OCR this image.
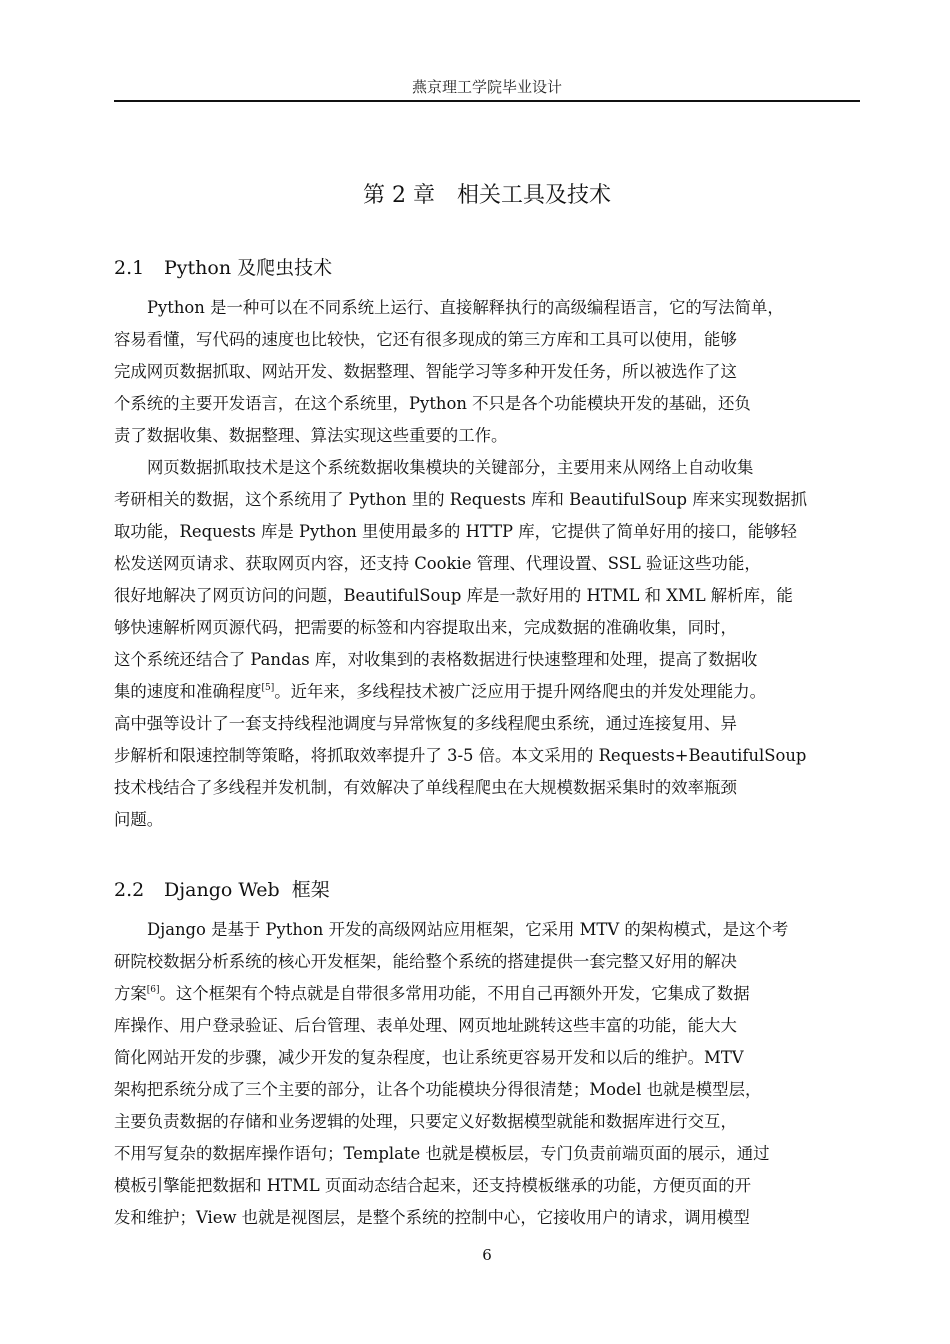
燕京理工学院毕业设计
第 2 章 相关工具及技术
2.1 Python 及爬虫技术
Python 是一种可以在不同系统上运行、直接解释执行的高级编程语言，它的写法简单，
容易看懂，写代码的速度也比较快，它还有很多现成的第三方库和工具可以使用，能够
完成网页数据抓取、网站开发、数据整理、智能学习等多种开发任务，所以被选作了这
个系统的主要开发语言，在这个系统里，Python 不只是各个功能模块开发的基础，还负
责了数据收集、数据整理、算法实现这些重要的工作。
网页数据抓取技术是这个系统数据收集模块的关键部分，主要用来从网络上自动收集
考研相关的数据，这个系统用了 Python 里的 Requests 库和 BeautifulSoup 库来实现数据抓
取功能，Requests 库是 Python 里使用最多的 HTTP 库，它提供了简单好用的接口，能够轻
松发送网页请求、获取网页内容，还支持 Cookie 管理、代理设置、SSL 验证这些功能，
很好地解决了网页访问的问题，BeautifulSoup 库是一款好用的 HTML 和 XML 解析库，能
够快速解析网页源代码，把需要的标签和内容提取出来，完成数据的准确收集，同时，
这个系统还结合了 Pandas 库，对收集到的表格数据进行快速整理和处理，提高了数据收
集的速度和准确程度[5]。近年来，多线程技术被广泛应用于提升网络爬虫的并发处理能力。
高中强等设计了一套支持线程池调度与异常恢复的多线程爬虫系统，通过连接复用、异
步解析和限速控制等策略，将抓取效率提升了 3-5 倍。本文采用的 Requests+BeautifulSoup
技术栈结合了多线程并发机制，有效解决了单线程爬虫在大规模数据采集时的效率瓶颈
问题。
2.2 Django Web  框架
Django 是基于 Python 开发的高级网站应用框架，它采用 MTV 的架构模式，是这个考
研院校数据分析系统的核心开发框架，能给整个系统的搭建提供一套完整又好用的解决
方案[6]。这个框架有个特点就是自带很多常用功能，不用自己再额外开发，它集成了数据
库操作、用户登录验证、后台管理、表单处理、网页地址跳转这些丰富的功能，能大大
简化网站开发的步骤，减少开发的复杂程度，也让系统更容易开发和以后的维护。MTV
架构把系统分成了三个主要的部分，让各个功能模块分得很清楚；Model 也就是模型层，
主要负责数据的存储和业务逻辑的处理，只要定义好数据模型就能和数据库进行交互，
不用写复杂的数据库操作语句；Template 也就是模板层，专门负责前端页面的展示，通过
模板引擎能把数据和 HTML 页面动态结合起来，还支持模板继承的功能，方便页面的开
发和维护；View 也就是视图层，是整个系统的控制中心，它接收用户的请求，调用模型
6
